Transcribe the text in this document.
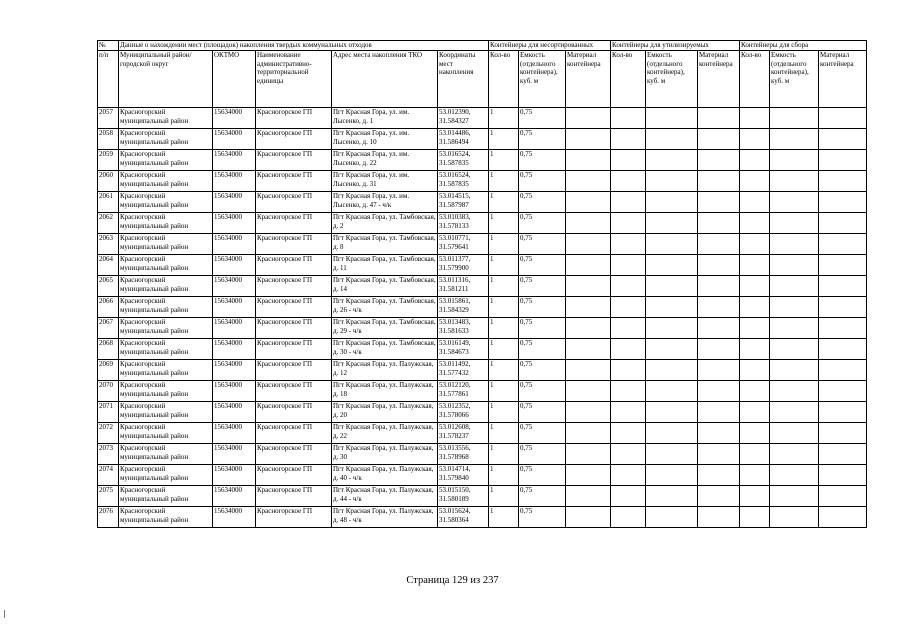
№	Данные о нахождении мест (площадок) накопления твердых коммунальных отходов					Контейнеры для несортированных			Контейнеры для утилизируемых			Контейнеры для сбора		
п/п	Муниципальный район/городской округ	ОКТМО	Наименование административно-территориальной единицы	Адрес места накопления ТКО	Координаты мест накопления	Кол-во	Емкость (отдельного контейнера), куб. м	Материал контейнера	Кол-во	Емкость (отдельного контейнера), куб. м	Материал контейнера	Кол-во	Емкость (отдельного контейнера), куб. м	Материал контейнера
2057	Красногорский муниципальный район	15634000	Красногорское ГП	Пгт Красная Гора, ул. им. Лысенко, д. 1	53.012390, 31.584327	1	0,75							
2058	Красногорский муниципальный район	15634000	Красногорское ГП	Пгт Красная Гора, ул. им. Лысенко, д. 10	53.014486, 31.586494	1	0,75							
2059	Красногорский муниципальный район	15634000	Красногорское ГП	Пгт Красная Гора, ул. им. Лысенко, д. 22	53.016524, 31.587835	1	0,75							
2060	Красногорский муниципальный район	15634000	Красногорское ГП	Пгт Красная Гора, ул. им. Лысенко, д. 31	53.016524, 31.587835	1	0,75							
2061	Красногорский муниципальный район	15634000	Красногорское ГП	Пгт Красная Гора, ул. им. Лысенко, д. 47 - ч/к	53.014515, 31.587987	1	0,75							
2062	Красногорский муниципальный район	15634000	Красногорское ГП	Пгт Красная Гора, ул. Тамбовская, д. 2	53.010383, 31.578133	1	0,75							
2063	Красногорский муниципальный район	15634000	Красногорское ГП	Пгт Красная Гора, ул. Тамбовская, д. 8	53.010771, 31.579641	1	0,75							
2064	Красногорский муниципальный район	15634000	Красногорское ГП	Пгт Красная Гора, ул. Тамбовская, д. 11	53.011377, 31.579900	1	0,75							
2065	Красногорский муниципальный район	15634000	Красногорское ГП	Пгт Красная Гора, ул. Тамбовская, д. 14	53.011316, 31.581211	1	0,75							
2066	Красногорский муниципальный район	15634000	Красногорское ГП	Пгт Красная Гора, ул. Тамбовская, д. 26 - ч/к	53.015861, 31.584329	1	0,75							
2067	Красногорский муниципальный район	15634000	Красногорское ГП	Пгт Красная Гора, ул. Тамбовская, д. 29 - ч/к	53.013483, 31.581633	1	0,75							
2068	Красногорский муниципальный район	15634000	Красногорское ГП	Пгт Красная Гора, ул. Тамбовская, д. 30 - ч/к	53.016149, 31.584673	1	0,75							
2069	Красногорский муниципальный район	15634000	Красногорское ГП	Пгт Красная Гора, ул. Палужская, д. 12	53.011492, 31.577432	1	0,75							
2070	Красногорский муниципальный район	15634000	Красногорское ГП	Пгт Красная Гора, ул. Палужская, д. 18	53.012120, 31.577861	1	0,75							
2071	Красногорский муниципальный район	15634000	Красногорское ГП	Пгт Красная Гора, ул. Палужская, д. 20	53.012352, 31.578066	1	0,75							
2072	Красногорский муниципальный район	15634000	Красногорское ГП	Пгт Красная Гора, ул. Палужская, д. 22	53.012608, 31.578237	1	0,75							
2073	Красногорский муниципальный район	15634000	Красногорское ГП	Пгт Красная Гора, ул. Палужская, д. 30	53.013556, 31.578968	1	0,75							
2074	Красногорский муниципальный район	15634000	Красногорское ГП	Пгт Красная Гора, ул. Палужская, д. 40 - ч/к	53.014714, 31.579840	1	0,75							
2075	Красногорский муниципальный район	15634000	Красногорское ГП	Пгт Красная Гора, ул. Палужская, д. 44 - ч/к	53.015150, 31.580189	1	0,75							
2076	Красногорский муниципальный район	15634000	Красногорское ГП	Пгт Красная Гора, ул. Палужская, д. 48 - ч/к	53.015624, 31.580364	1	0,75							
Страница 129 из 237
